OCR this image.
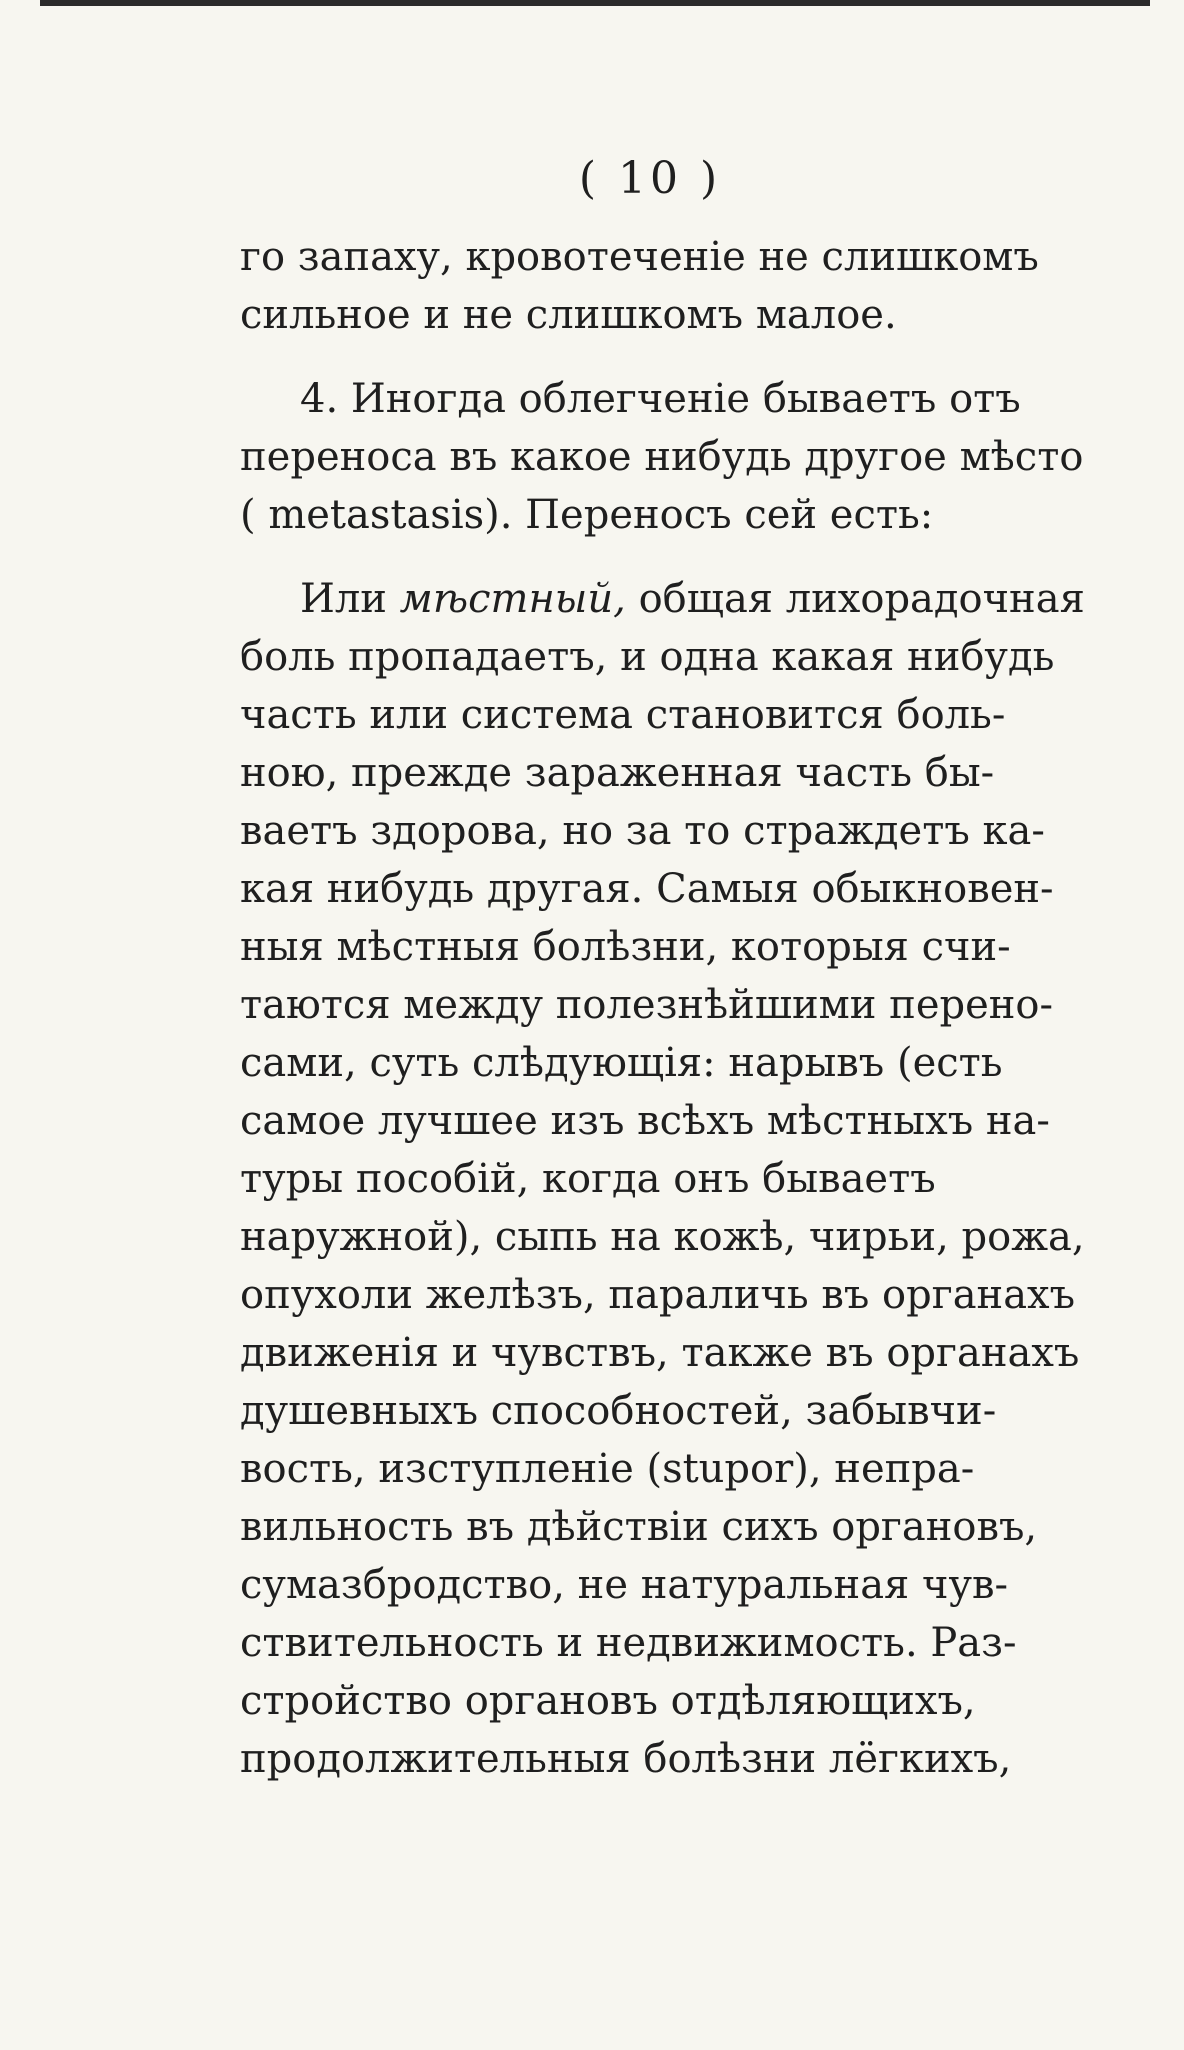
( 10 )
го запаху, кровотеченіе не слишкомъ
сильное и не слишкомъ малое.
4. Иногда облегченіе бываетъ отъ
переноса въ какое нибудь другое мѣсто
( metastasis). Переносъ сей есть:
Или мѣстный, общая лихорадочная
боль пропадаетъ, и одна какая нибудь
часть или система становится боль-
ною, прежде зараженная часть бы-
ваетъ здорова, но за то страждетъ ка-
кая нибудь другая. Самыя обыкновен-
ныя мѣстныя болѣзни, которыя счи-
таются между полезнѣйшими перено-
сами, суть слѣдующія: нарывъ (есть
самое лучшее изъ всѣхъ мѣстныхъ на-
туры пособій, когда онъ бываетъ
наружной), сыпь на кожѣ, чирьи, рожа,
опухоли желѣзъ, параличь въ органахъ
движенія и чувствъ, также въ органахъ
душевныхъ способностей, забывчи-
вость, изступленіе (stupor), непра-
вильность въ дѣйствіи сихъ органовъ,
сумазбродство, не натуральная чув-
ствительность и недвижимость. Раз-
стройство органовъ отдѣляющихъ,
продолжительныя болѣзни лёгкихъ,
